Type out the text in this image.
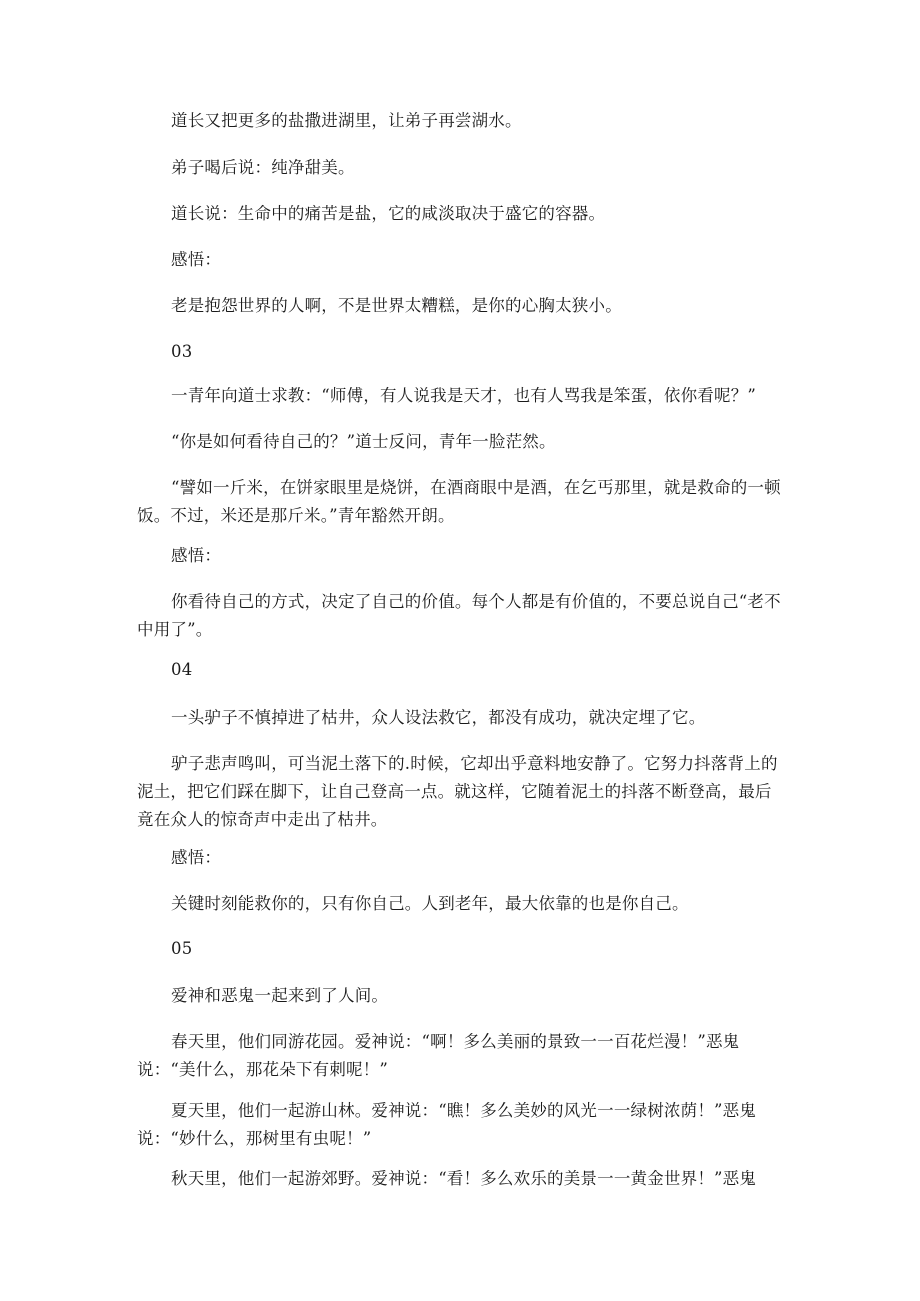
道长又把更多的盐撒进湖里，让弟子再尝湖水。

弟子喝后说：纯净甜美。

道长说：生命中的痛苦是盐，它的咸淡取决于盛它的容器。

感悟：

老是抱怨世界的人啊，不是世界太糟糕，是你的心胸太狭小。

03

一青年向道士求教：“师傅，有人说我是天才，也有人骂我是笨蛋，依你看呢？”

“你是如何看待自己的？”道士反问，青年一脸茫然。

“譬如一斤米，在饼家眼里是烧饼，在酒商眼中是酒，在乞丐那里，就是救命的一顿饭。不过，米还是那斤米。”青年豁然开朗。

感悟：

你看待自己的方式，决定了自己的价值。每个人都是有价值的，不要总说自己“老不中用了”。

04

一头驴子不慎掉进了枯井，众人设法救它，都没有成功，就决定埋了它。

驴子悲声鸣叫，可当泥土落下的.时候，它却出乎意料地安静了。它努力抖落背上的泥土，把它们踩在脚下，让自己登高一点。就这样，它随着泥土的抖落不断登高，最后竟在众人的惊奇声中走出了枯井。

感悟：

关键时刻能救你的，只有你自己。人到老年，最大依靠的也是你自己。

05

爱神和恶鬼一起来到了人间。

春天里，他们同游花园。爱神说：“啊！多么美丽的景致一一百花烂漫！”恶鬼说：“美什么，那花朵下有刺呢！”

夏天里，他们一起游山林。爱神说：“瞧！多么美妙的风光一一绿树浓荫！”恶鬼说：“妙什么，那树里有虫呢！”

秋天里，他们一起游郊野。爱神说：“看！多么欢乐的美景一一黄金世界！”恶鬼
